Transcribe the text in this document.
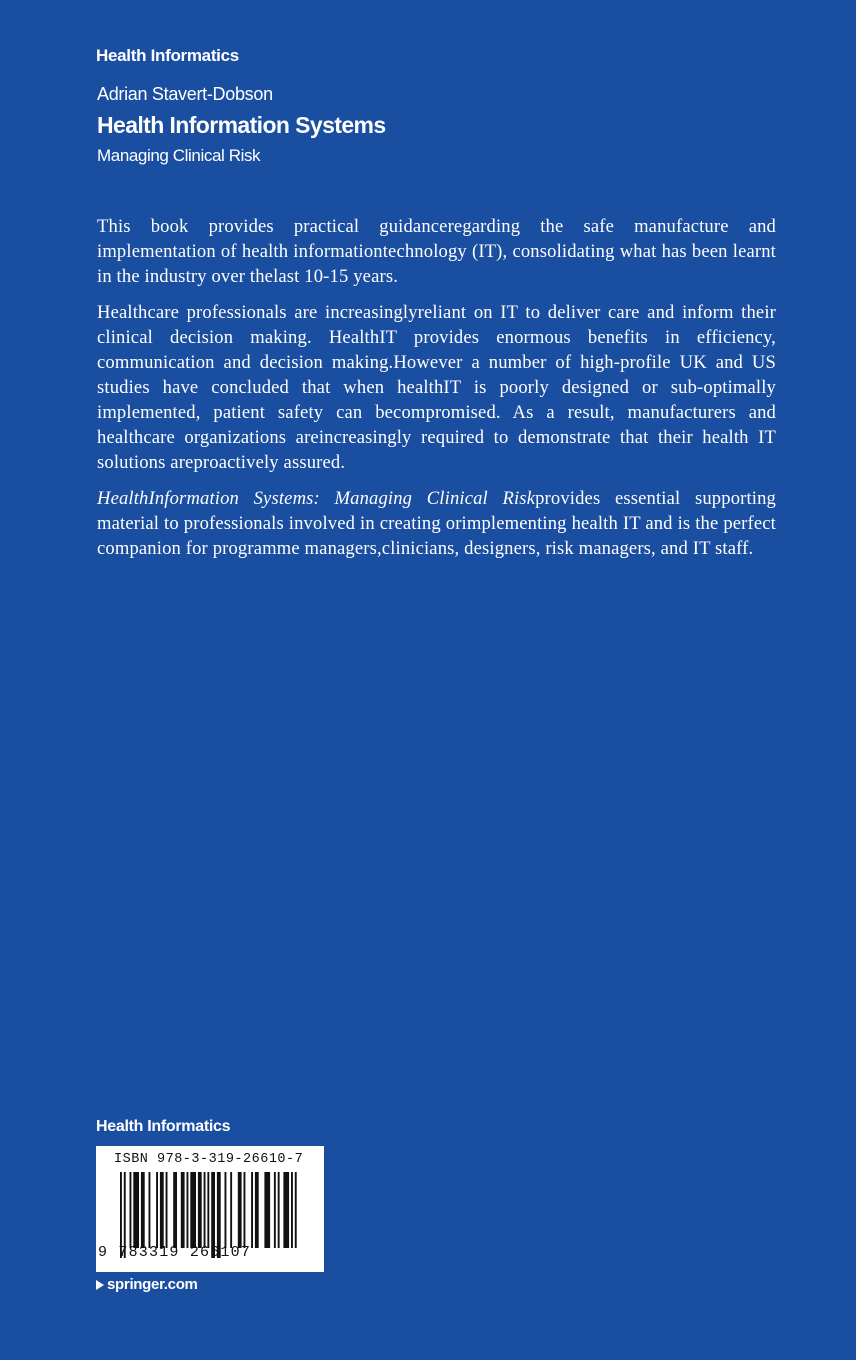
Health Informatics
Adrian Stavert-Dobson
Health Information Systems
Managing Clinical Risk

This book provides practical guidanceregarding the safe manufacture and implementation of health informationtechnology (IT), consolidating what has been learnt in the industry over thelast 10-15 years.

Healthcare professionals are increasinglyreliant on IT to deliver care and inform their clinical decision making. HealthIT provides enormous benefits in efficiency, communication and decision making.However a number of high-profile UK and US studies have concluded that when healthIT is poorly designed or sub-optimally implemented, patient safety can becompromised. As a result, manufacturers and healthcare organizations areincreasingly required to demonstrate that their health IT solutions areproactively assured.

HealthInformation Systems: Managing Clinical Riskprovides essential supporting material to professionals involved in creating orimplementing health IT and is the perfect companion for programme managers,clinicians, designers, risk managers, and IT staff.

Health Informatics
ISBN 978-3-319-26610-7
9 783319 266107
springer.com
